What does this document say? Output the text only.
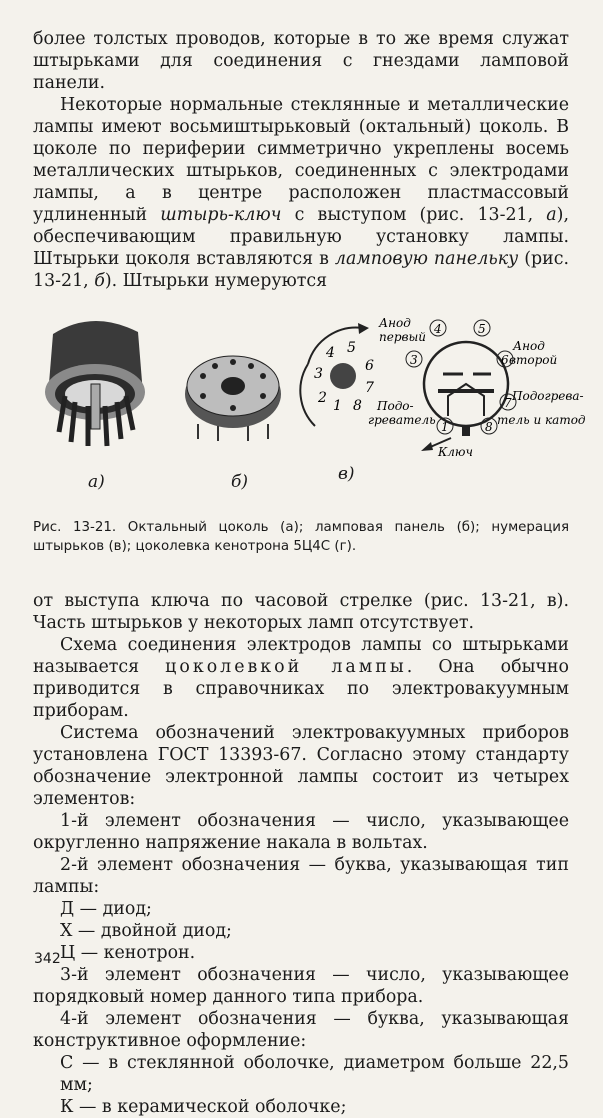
более толстых проводов, которые в то же время служат штырьками для соединения с гнездами ламповой панели.

Некоторые нормальные стеклянные и металлические лампы имеют восьмиштырьковый (октальный) цоколь. В цоколе по периферии симметрично укреплены восемь металлических штырьков, соединенных с электродами лампы, а в центре расположен пластмассовый удлиненный штырь-ключ с выступом (рис. 13-21, а), обеспечивающим правильную установку лампы. Штырьки цоколя вставляются в ламповую панельку (рис. 13-21, б). Штырьки нумеруются

4 5
3	6
2
7
1 8
4	5
3	6
1	8
7
Анод
первый
Анод
второй
Подо-
греватель
Подогрева-
тель и катод
Ключ
а)	б)	в)

Рис. 13-21. Октальный цоколь (а); ламповая панель (б); нумерация штырьков (в); цоколевка кенотрона 5Ц4С (г).

от выступа ключа по часовой стрелке (рис. 13-21, в). Часть штырьков у некоторых ламп отсутствует.

Схема соединения электродов лампы со штырьками называется цоколевкой лампы. Она обычно приводится в справочниках по электровакуумным приборам.

Система обозначений электровакуумных приборов установлена ГОСТ 13393-67. Согласно этому стандарту обозначение электронной лампы состоит из четырех элементов:

1-й элемент обозначения — число, указывающее округленно напряжение накала в вольтах.

2-й элемент обозначения — буква, указывающая тип лампы:

Д — диод;

Х — двойной диод;

Ц — кенотрон.

3-й элемент обозначения — число, указывающее порядковый номер данного типа прибора.

4-й элемент обозначения — буква, указывающая конструктивное оформление:

С — в стеклянной оболочке, диаметром больше 22,5 мм;

К — в керамической оболочке;

342
